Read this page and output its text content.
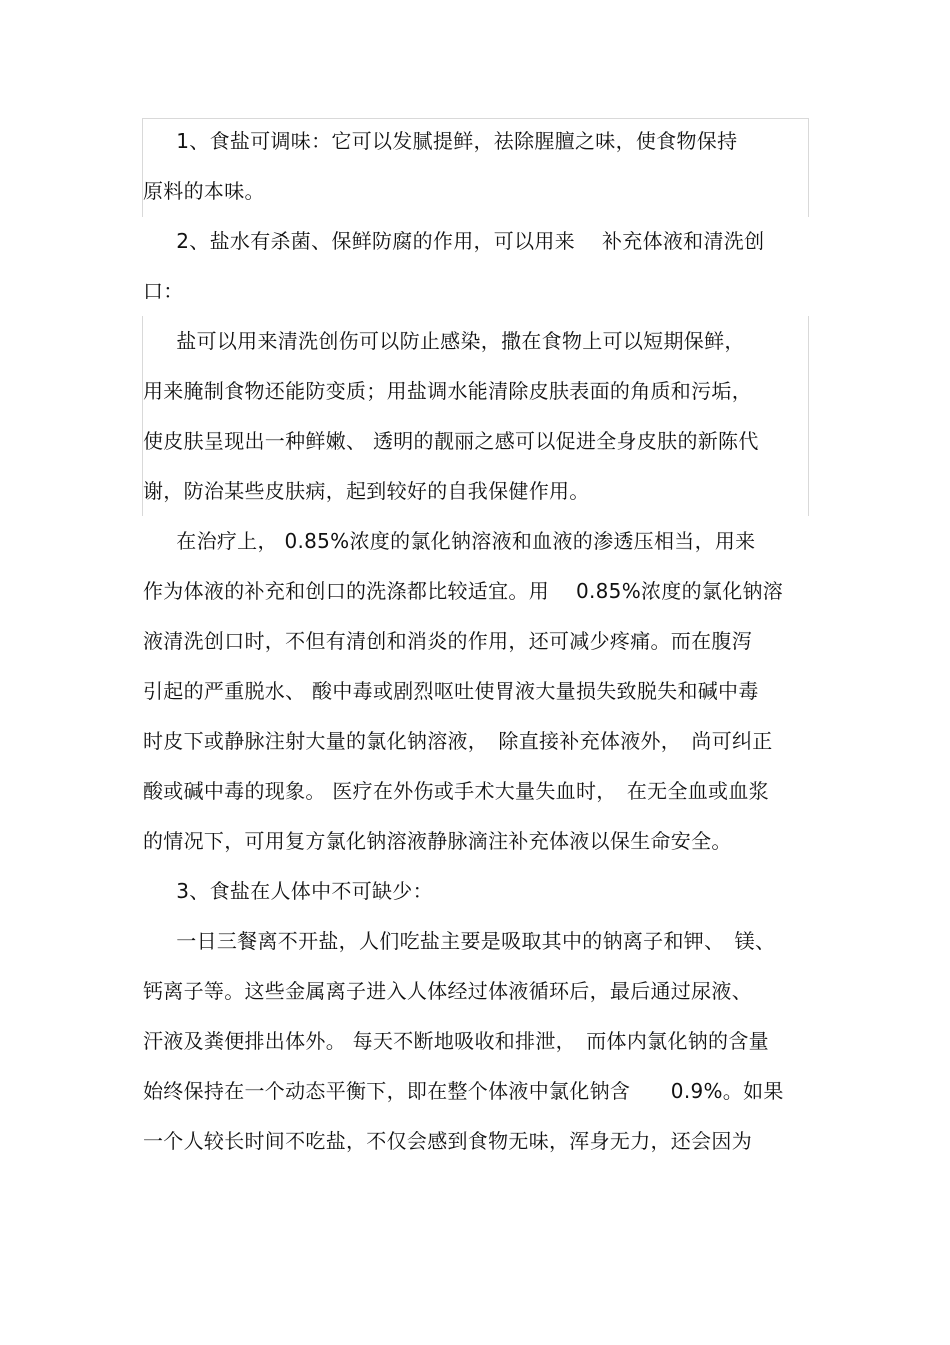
1、食盐可调味：它可以发腻提鲜，祛除腥膻之味，使食物保持

原料的本味。

2、盐水有杀菌、保鲜防腐的作用，可以用来　 补充体液和清洗创

口：

盐可以用来清洗创伤可以防止感染，撒在食物上可以短期保鲜，

用来腌制食物还能防变质；用盐调水能清除皮肤表面的角质和污垢，

使皮肤呈现出一种鲜嫩、 透明的靓丽之感可以促进全身皮肤的新陈代

谢，防治某些皮肤病，起到较好的自我保健作用。

在治疗上， 0.85%浓度的氯化钠溶液和血液的渗透压相当，用来

作为体液的补充和创口的洗涤都比较适宜。用　 0.85%浓度的氯化钠溶

液清洗创口时，不但有清创和消炎的作用，还可减少疼痛。而在腹泻

引起的严重脱水、 酸中毒或剧烈呕吐使胃液大量损失致脱失和碱中毒

时皮下或静脉注射大量的氯化钠溶液，　除直接补充体液外，　尚可纠正

酸或碱中毒的现象。 医疗在外伤或手术大量失血时，　在无全血或血浆

的情况下，可用复方氯化钠溶液静脉滴注补充体液以保生命安全。

3、食盐在人体中不可缺少：

一日三餐离不开盐，人们吃盐主要是吸取其中的钠离子和钾、　镁、

钙离子等。这些金属离子进入人体经过体液循环后，最后通过尿液、

汗液及粪便排出体外。 每天不断地吸收和排泄，　而体内氯化钠的含量

始终保持在一个动态平衡下，即在整个体液中氯化钠含　　0.9%。如果

一个人较长时间不吃盐，不仅会感到食物无味，浑身无力，还会因为
